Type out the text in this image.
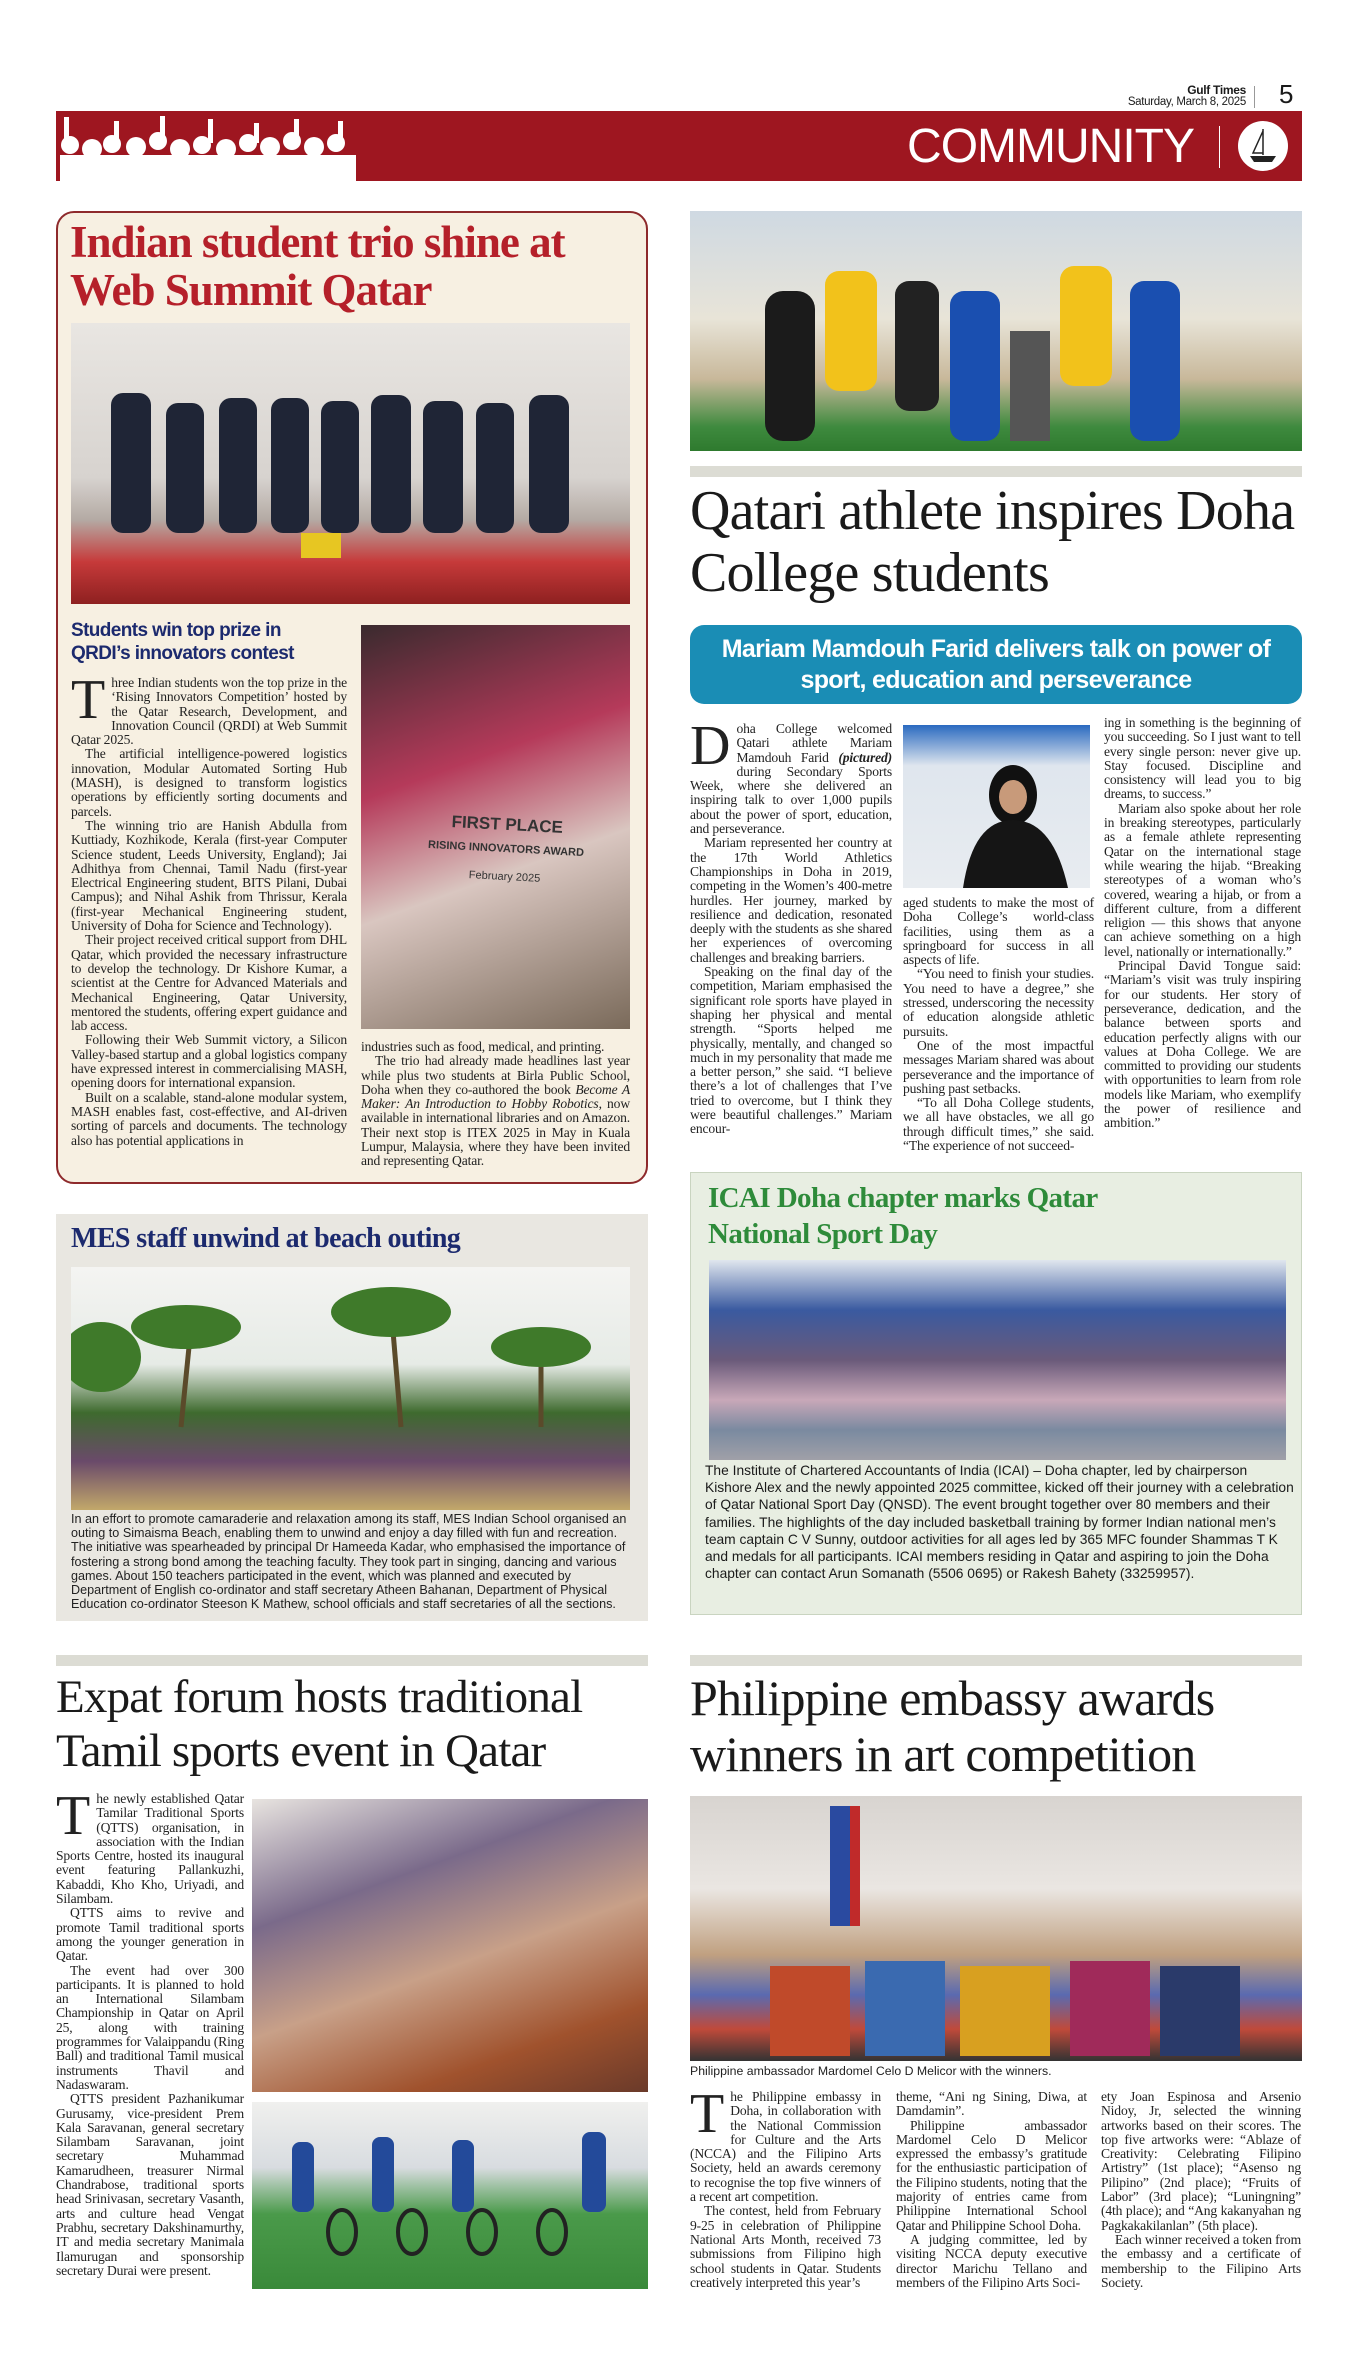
Gulf Times
Saturday, March 8, 2025 5
COMMUNITY
Indian student trio shine at Web Summit Qatar
Students win top prize in QRDI’s innovators contest
FIRST PLACE
RISING INNOVATORS AWARD
February 2025

Three Indian students won the top prize in the ‘Rising Innovators Competition’ hosted by the Qatar Research, Development, and Innovation Council (QRDI) at Web Summit Qatar 2025.

The artificial intelligence-powered logistics innovation, Modular Automated Sorting Hub (MASH), is designed to transform logistics operations by efficiently sorting documents and parcels.

The winning trio are Hanish Abdulla from Kuttiady, Kozhikode, Kerala (first-year Computer Science student, Leeds University, England); Jai Adhithya from Chennai, Tamil Nadu (first-year Electrical Engineering student, BITS Pilani, Dubai Campus); and Nihal Ashik from Thrissur, Kerala (first-year Mechanical Engineering student, University of Doha for Science and Technology).

Their project received critical support from DHL Qatar, which provided the necessary infrastructure to develop the technology. Dr Kishore Kumar, a scientist at the Centre for Advanced Materials and Mechanical Engineering, Qatar University, mentored the students, offering expert guidance and lab access.

Following their Web Summit victory, a Silicon Valley-based startup and a global logistics company have expressed interest in commercialising MASH, opening doors for international expansion.

Built on a scalable, stand-alone modular system, MASH enables fast, cost-effective, and AI-driven sorting of parcels and documents. The technology also has potential applications in

industries such as food, medical, and printing.

The trio had already made headlines last year while plus two students at Birla Public School, Doha when they co-authored the book Become A Maker: An Introduction to Hobby Robotics, now available in international libraries and on Amazon. Their next stop is ITEX 2025 in May in Kuala Lumpur, Malaysia, where they have been invited and representing Qatar.

Qatari athlete inspires Doha College students
Mariam Mamdouh Farid delivers talk on power of sport, education and perseverance

Doha College welcomed Qatari athlete Mariam Mamdouh Farid (pictured) during Secondary Sports Week, where she delivered an inspiring talk to over 1,000 pupils about the power of sport, education, and perseverance.

Mariam represented her country at the 17th World Athletics Championships in Doha in 2019, competing in the Women’s 400-metre hurdles. Her journey, marked by resilience and dedication, resonated deeply with the students as she shared her experiences of overcoming challenges and breaking barriers.

Speaking on the final day of the competition, Mariam emphasised the significant role sports have played in shaping her physical and mental strength. “Sports helped me physically, mentally, and changed so much in my personality that made me a better person,” she said. “I believe there’s a lot of challenges that I’ve tried to overcome, but I think they were beautiful challenges.” Mariam encour-

aged students to make the most of Doha College’s world-class facilities, using them as a springboard for success in all aspects of life.

“You need to finish your studies. You need to have a degree,” she stressed, underscoring the necessity of education alongside athletic pursuits.

One of the most impactful messages Mariam shared was about perseverance and the importance of pushing past setbacks.

“To all Doha College students, we all have obstacles, we all go through difficult times,” she said. “The experience of not succeed-

ing in something is the beginning of you succeeding. So I just want to tell every single person: never give up. Stay focused. Discipline and consistency will lead you to big dreams, to success.”

Mariam also spoke about her role in breaking stereotypes, particularly as a female athlete representing Qatar on the international stage while wearing the hijab. “Breaking stereotypes of a woman who’s covered, wearing a hijab, or from a different culture, from a different religion — this shows that anyone can achieve something on a high level, nationally or internationally.”

Principal David Tongue said: “Mariam’s visit was truly inspiring for our students. Her story of perseverance, dedication, and the balance between sports and education perfectly aligns with our values at Doha College. We are committed to providing our students with opportunities to learn from role models like Mariam, who exemplify the power of resilience and ambition.”

MES staff unwind at beach outing

In an effort to promote camaraderie and relaxation among its staff, MES Indian School organised an outing to Simaisma Beach, enabling them to unwind and enjoy a day filled with fun and recreation. The initiative was spearheaded by principal Dr Hameeda Kadar, who emphasised the importance of fostering a strong bond among the teaching faculty. They took part in singing, dancing and various games. About 150 teachers participated in the event, which was planned and executed by Department of English co-ordinator and staff secretary Atheen Bahanan, Department of Physical Education co-ordinator Steeson K Mathew, school officials and staff secretaries of all the sections.

ICAI Doha chapter marks Qatar National Sport Day

The Institute of Chartered Accountants of India (ICAI) – Doha chapter, led by chairperson Kishore Alex and the newly appointed 2025 committee, kicked off their journey with a celebration of Qatar National Sport Day (QNSD). The event brought together over 80 members and their families. The highlights of the day included basketball training by former Indian national men’s team captain C V Sunny, outdoor activities for all ages led by 365 MFC founder Shammas T K and medals for all participants. ICAI members residing in Qatar and aspiring to join the Doha chapter can contact Arun Somanath (5506 0695) or Rakesh Bahety (33259957).

Expat forum hosts traditional Tamil sports event in Qatar

The newly established Qatar Tamilar Traditional Sports (QTTS) organisation, in association with the Indian Sports Centre, hosted its inaugural event featuring Pallankuzhi, Kabaddi, Kho Kho, Uriyadi, and Silambam.

QTTS aims to revive and promote Tamil traditional sports among the younger generation in Qatar.

The event had over 300 participants. It is planned to hold an International Silambam Championship in Qatar on April 25, along with training programmes for Valaippandu (Ring Ball) and traditional Tamil musical instruments Thavil and Nadaswaram.

QTTS president Pazhanikumar Gurusamy, vice-president Prem Kala Saravanan, general secretary Silambam Saravanan, joint secretary Muhammad Kamarudheen, treasurer Nirmal Chandrabose, traditional sports head Srinivasan, secretary Vasanth, arts and culture head Vengat Prabhu, secretary Dakshinamurthy, IT and media secretary Manimala Ilamurugan and sponsorship secretary Durai were present.

Philippine embassy awards winners in art competition

Philippine ambassador Mardomel Celo D Melicor with the winners.

The Philippine embassy in Doha, in collaboration with the National Commission for Culture and the Arts (NCCA) and the Filipino Arts Society, held an awards ceremony to recognise the top five winners of a recent art competition.

The contest, held from February 9-25 in celebration of Philippine National Arts Month, received 73 submissions from Filipino high school students in Qatar. Students creatively interpreted this year’s

theme, “Ani ng Sining, Diwa, at Damdamin”.

Philippine ambassador Mardomel Celo D Melicor expressed the embassy’s gratitude for the enthusiastic participation of the Filipino students, noting that the majority of entries came from Philippine International School Qatar and Philippine School Doha.

A judging committee, led by visiting NCCA deputy executive director Marichu Tellano and members of the Filipino Arts Soci-

ety Joan Espinosa and Arsenio Nidoy, Jr, selected the winning artworks based on their scores. The top five artworks were: “Ablaze of Creativity: Celebrating Filipino Artistry” (1st place); “Asenso ng Pilipino” (2nd place); “Fruits of Labor” (3rd place); “Luningning” (4th place); and “Ang kakanyahan ng Pagkakakilanlan” (5th place).

Each winner received a token from the embassy and a certificate of membership to the Filipino Arts Society.
